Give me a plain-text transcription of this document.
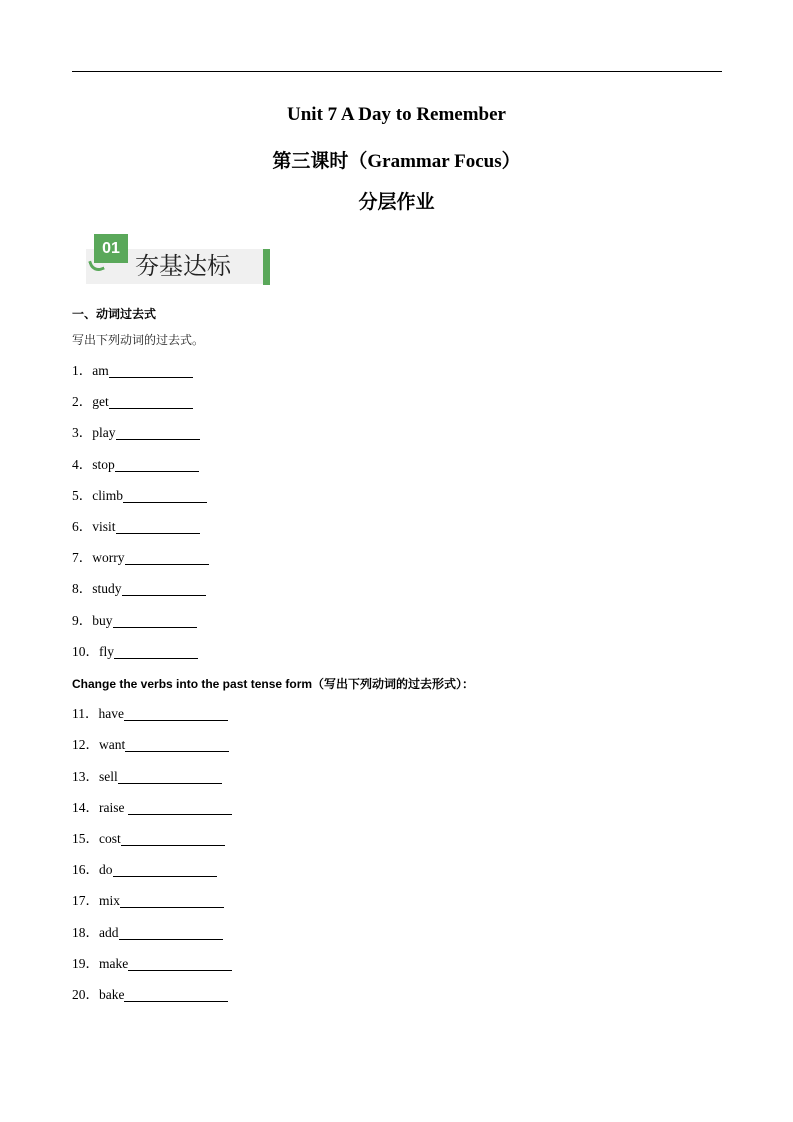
Unit 7 A Day to Remember
第三课时（Grammar Focus）
分层作业
01
夯基达标
一、动词过去式
写出下列动词的过去式。
1．am
2．get
3．play
4．stop
5．climb
6．visit
7．worry
8．study
9．buy
10．fly
Change the verbs into the past tense form（写出下列动词的过去形式）：
11．have
12．want
13．sell
14．raise
15．cost
16．do
17．mix
18．add
19．make
20．bake
